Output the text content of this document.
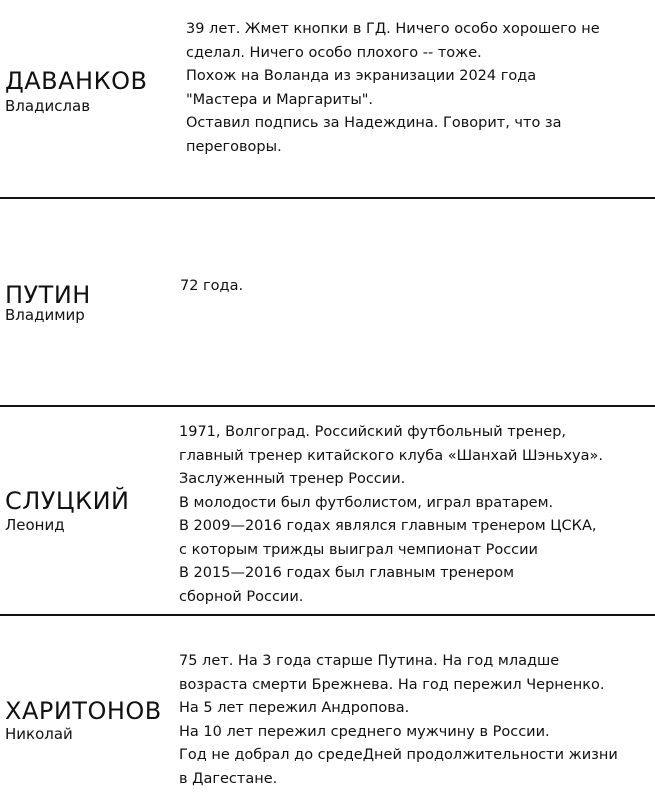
ДАВАНКОВ
Владислав
39 лет. Жмет кнопки в ГД. Ничего особо хорошего не
сделал. Ничего особо плохого -- тоже.
Похож на Воланда из экранизации 2024 года
"Мастера и Маргариты".
Оставил подпись за Надеждина. Говорит, что за
переговоры.
ПУТИН
Владимир
72 года.
СЛУЦКИЙ
Леонид
1971, Волгоград. Российский футбольный тренер,
главный тренер китайского клуба «Шанхай Шэньхуа».
Заслуженный тренер России.
В молодости был футболистом, играл вратарем.
В 2009—2016 годах являлся главным тренером ЦСКА,
с которым трижды выиграл чемпионат России
В 2015—2016 годах был главным тренером
сборной России.
ХАРИТОНОВ
Николай
75 лет. На 3 года старше Путина. На год младше
возраста смерти Брежнева. На год пережил Черненко.
На 5 лет пережил Андропова.
На 10 лет пережил среднего мужчину в России.
Год не добрал до средеДней продолжительности жизни
в Дагестане.
